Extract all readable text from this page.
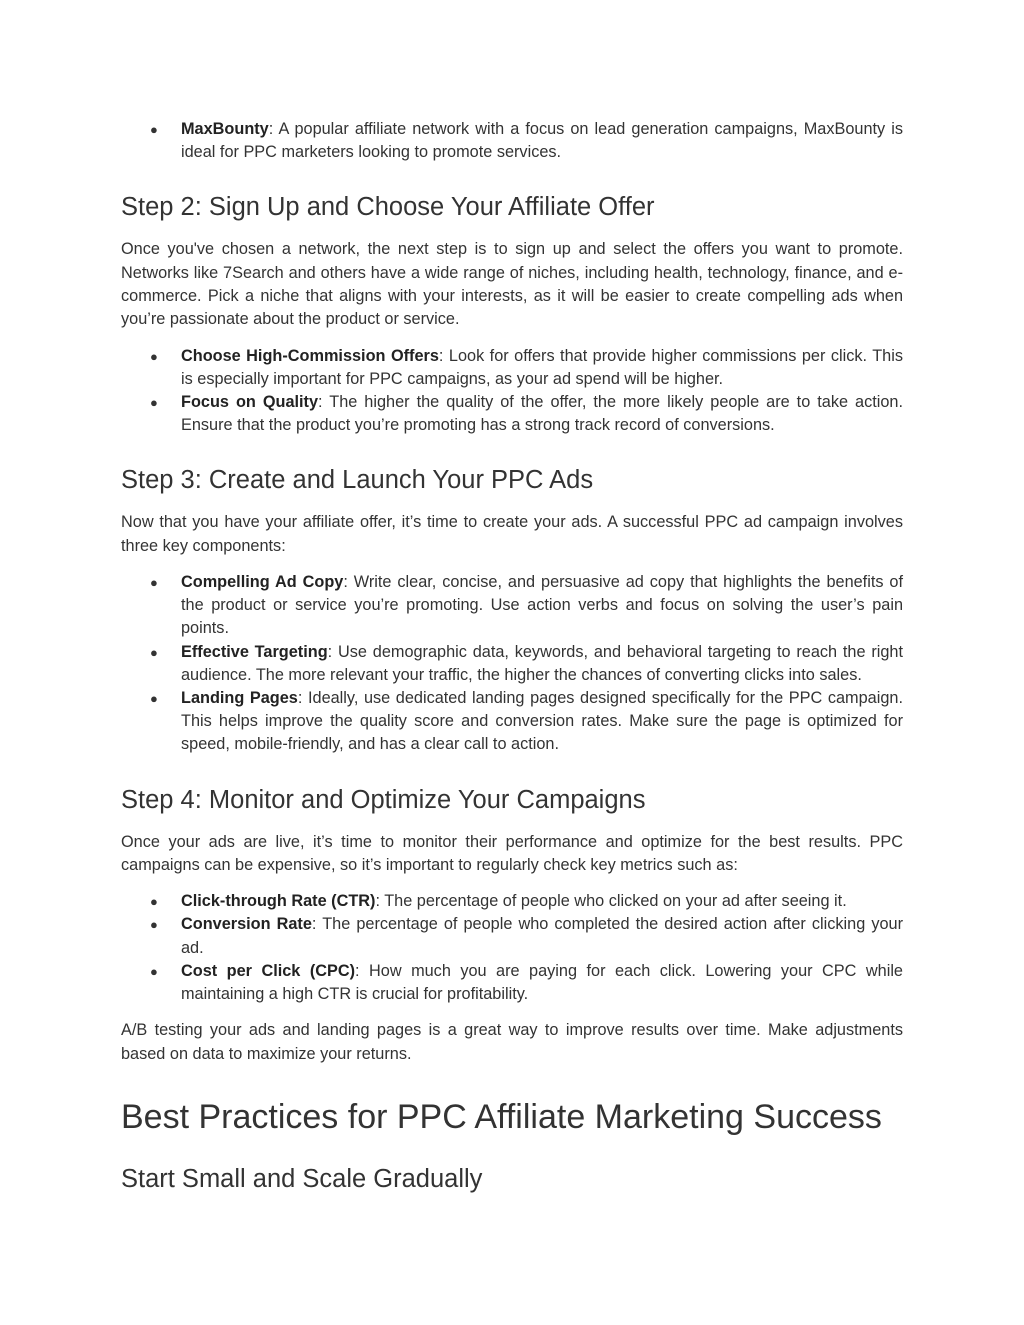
● MaxBounty: A popular affiliate network with a focus on lead generation campaigns, MaxBounty is ideal for PPC marketers looking to promote services.
Step 2: Sign Up and Choose Your Affiliate Offer

Once you've chosen a network, the next step is to sign up and select the offers you want to promote. Networks like 7Search and others have a wide range of niches, including health, technology, finance, and e-commerce. Pick a niche that aligns with your interests, as it will be easier to create compelling ads when you’re passionate about the product or service.

● Choose High-Commission Offers: Look for offers that provide higher commissions per click. This is especially important for PPC campaigns, as your ad spend will be higher.
● Focus on Quality: The higher the quality of the offer, the more likely people are to take action. Ensure that the product you’re promoting has a strong track record of conversions.
Step 3: Create and Launch Your PPC Ads

Now that you have your affiliate offer, it’s time to create your ads. A successful PPC ad campaign involves three key components:

● Compelling Ad Copy: Write clear, concise, and persuasive ad copy that highlights the benefits of the product or service you’re promoting. Use action verbs and focus on solving the user’s pain points.
● Effective Targeting: Use demographic data, keywords, and behavioral targeting to reach the right audience. The more relevant your traffic, the higher the chances of converting clicks into sales.
● Landing Pages: Ideally, use dedicated landing pages designed specifically for the PPC campaign. This helps improve the quality score and conversion rates. Make sure the page is optimized for speed, mobile-friendly, and has a clear call to action.
Step 4: Monitor and Optimize Your Campaigns

Once your ads are live, it’s time to monitor their performance and optimize for the best results. PPC campaigns can be expensive, so it’s important to regularly check key metrics such as:

● Click-through Rate (CTR): The percentage of people who clicked on your ad after seeing it.
● Conversion Rate: The percentage of people who completed the desired action after clicking your ad.
● Cost per Click (CPC): How much you are paying for each click. Lowering your CPC while maintaining a high CTR is crucial for profitability.

A/B testing your ads and landing pages is a great way to improve results over time. Make adjustments based on data to maximize your returns.

Best Practices for PPC Affiliate Marketing Success
Start Small and Scale Gradually
